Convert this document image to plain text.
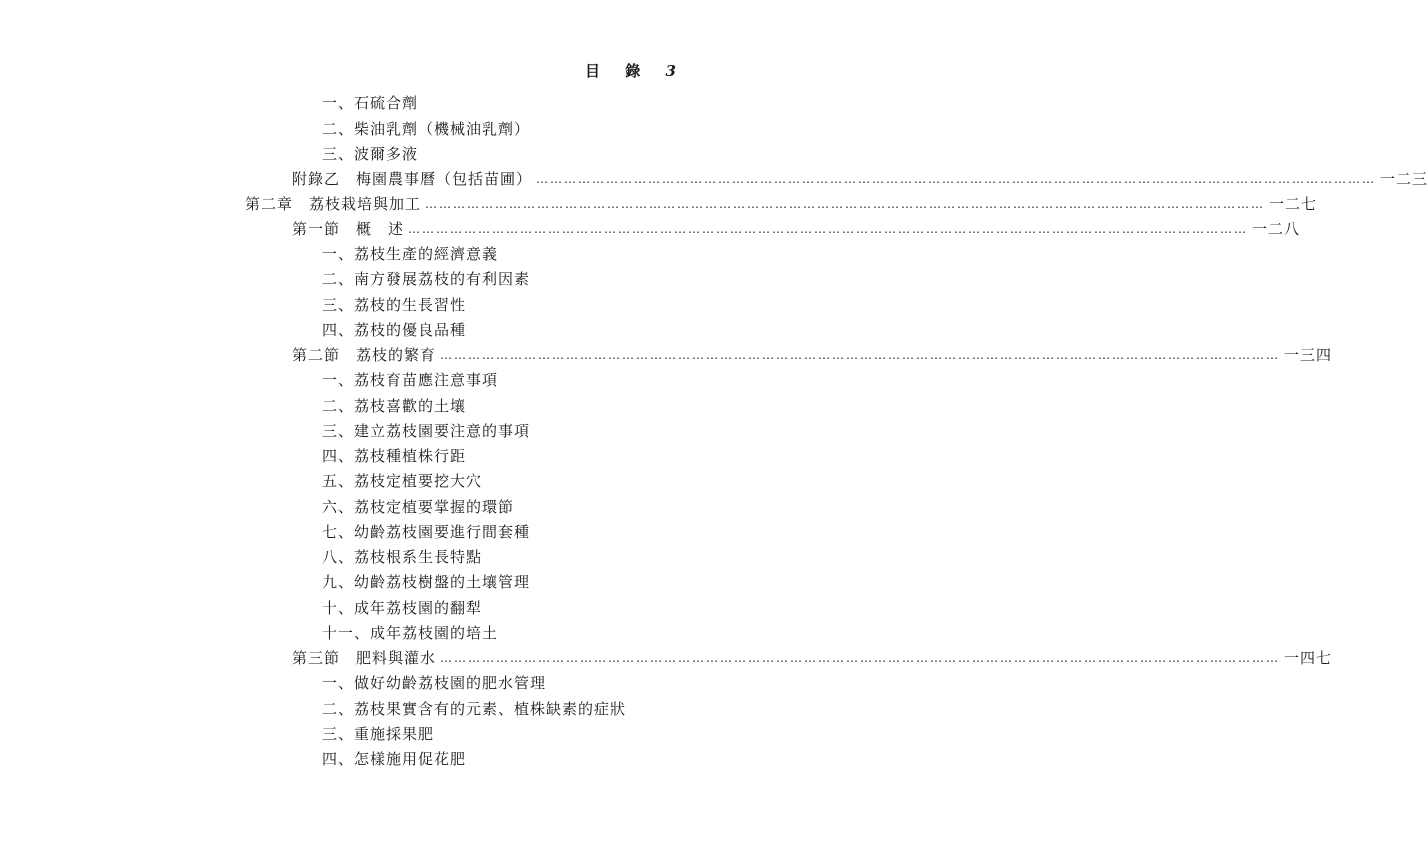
目 錄 3
一、石硫合劑
二、柴油乳劑（機械油乳劑）
三、波爾多液
附錄乙　梅園農事曆（包括苗圃） ……………………………………………………………………………………………………………………………………………………………… 一二三
第二章　荔枝栽培與加工 ……………………………………………………………………………………………………………………………………………………………… 一二七
第一節　概　述 ……………………………………………………………………………………………………………………………………………………………… 一二八
一、荔枝生產的經濟意義
二、南方發展荔枝的有利因素
三、荔枝的生長習性
四、荔枝的優良品種
第二節　荔枝的繁育 ……………………………………………………………………………………………………………………………………………………………… 一三四
一、荔枝育苗應注意事項
二、荔枝喜歡的土壤
三、建立荔枝園要注意的事項
四、荔枝種植株行距
五、荔枝定植要挖大穴
六、荔枝定植要掌握的環節
七、幼齡荔枝園要進行間套種
八、荔枝根系生長特點
九、幼齡荔枝樹盤的土壤管理
十、成年荔枝園的翻犁
十一、成年荔枝園的培土
第三節　肥料與灌水 ……………………………………………………………………………………………………………………………………………………………… 一四七
一、做好幼齡荔枝園的肥水管理
二、荔枝果實含有的元素、植株缺素的症狀
三、重施採果肥
四、怎樣施用促花肥
